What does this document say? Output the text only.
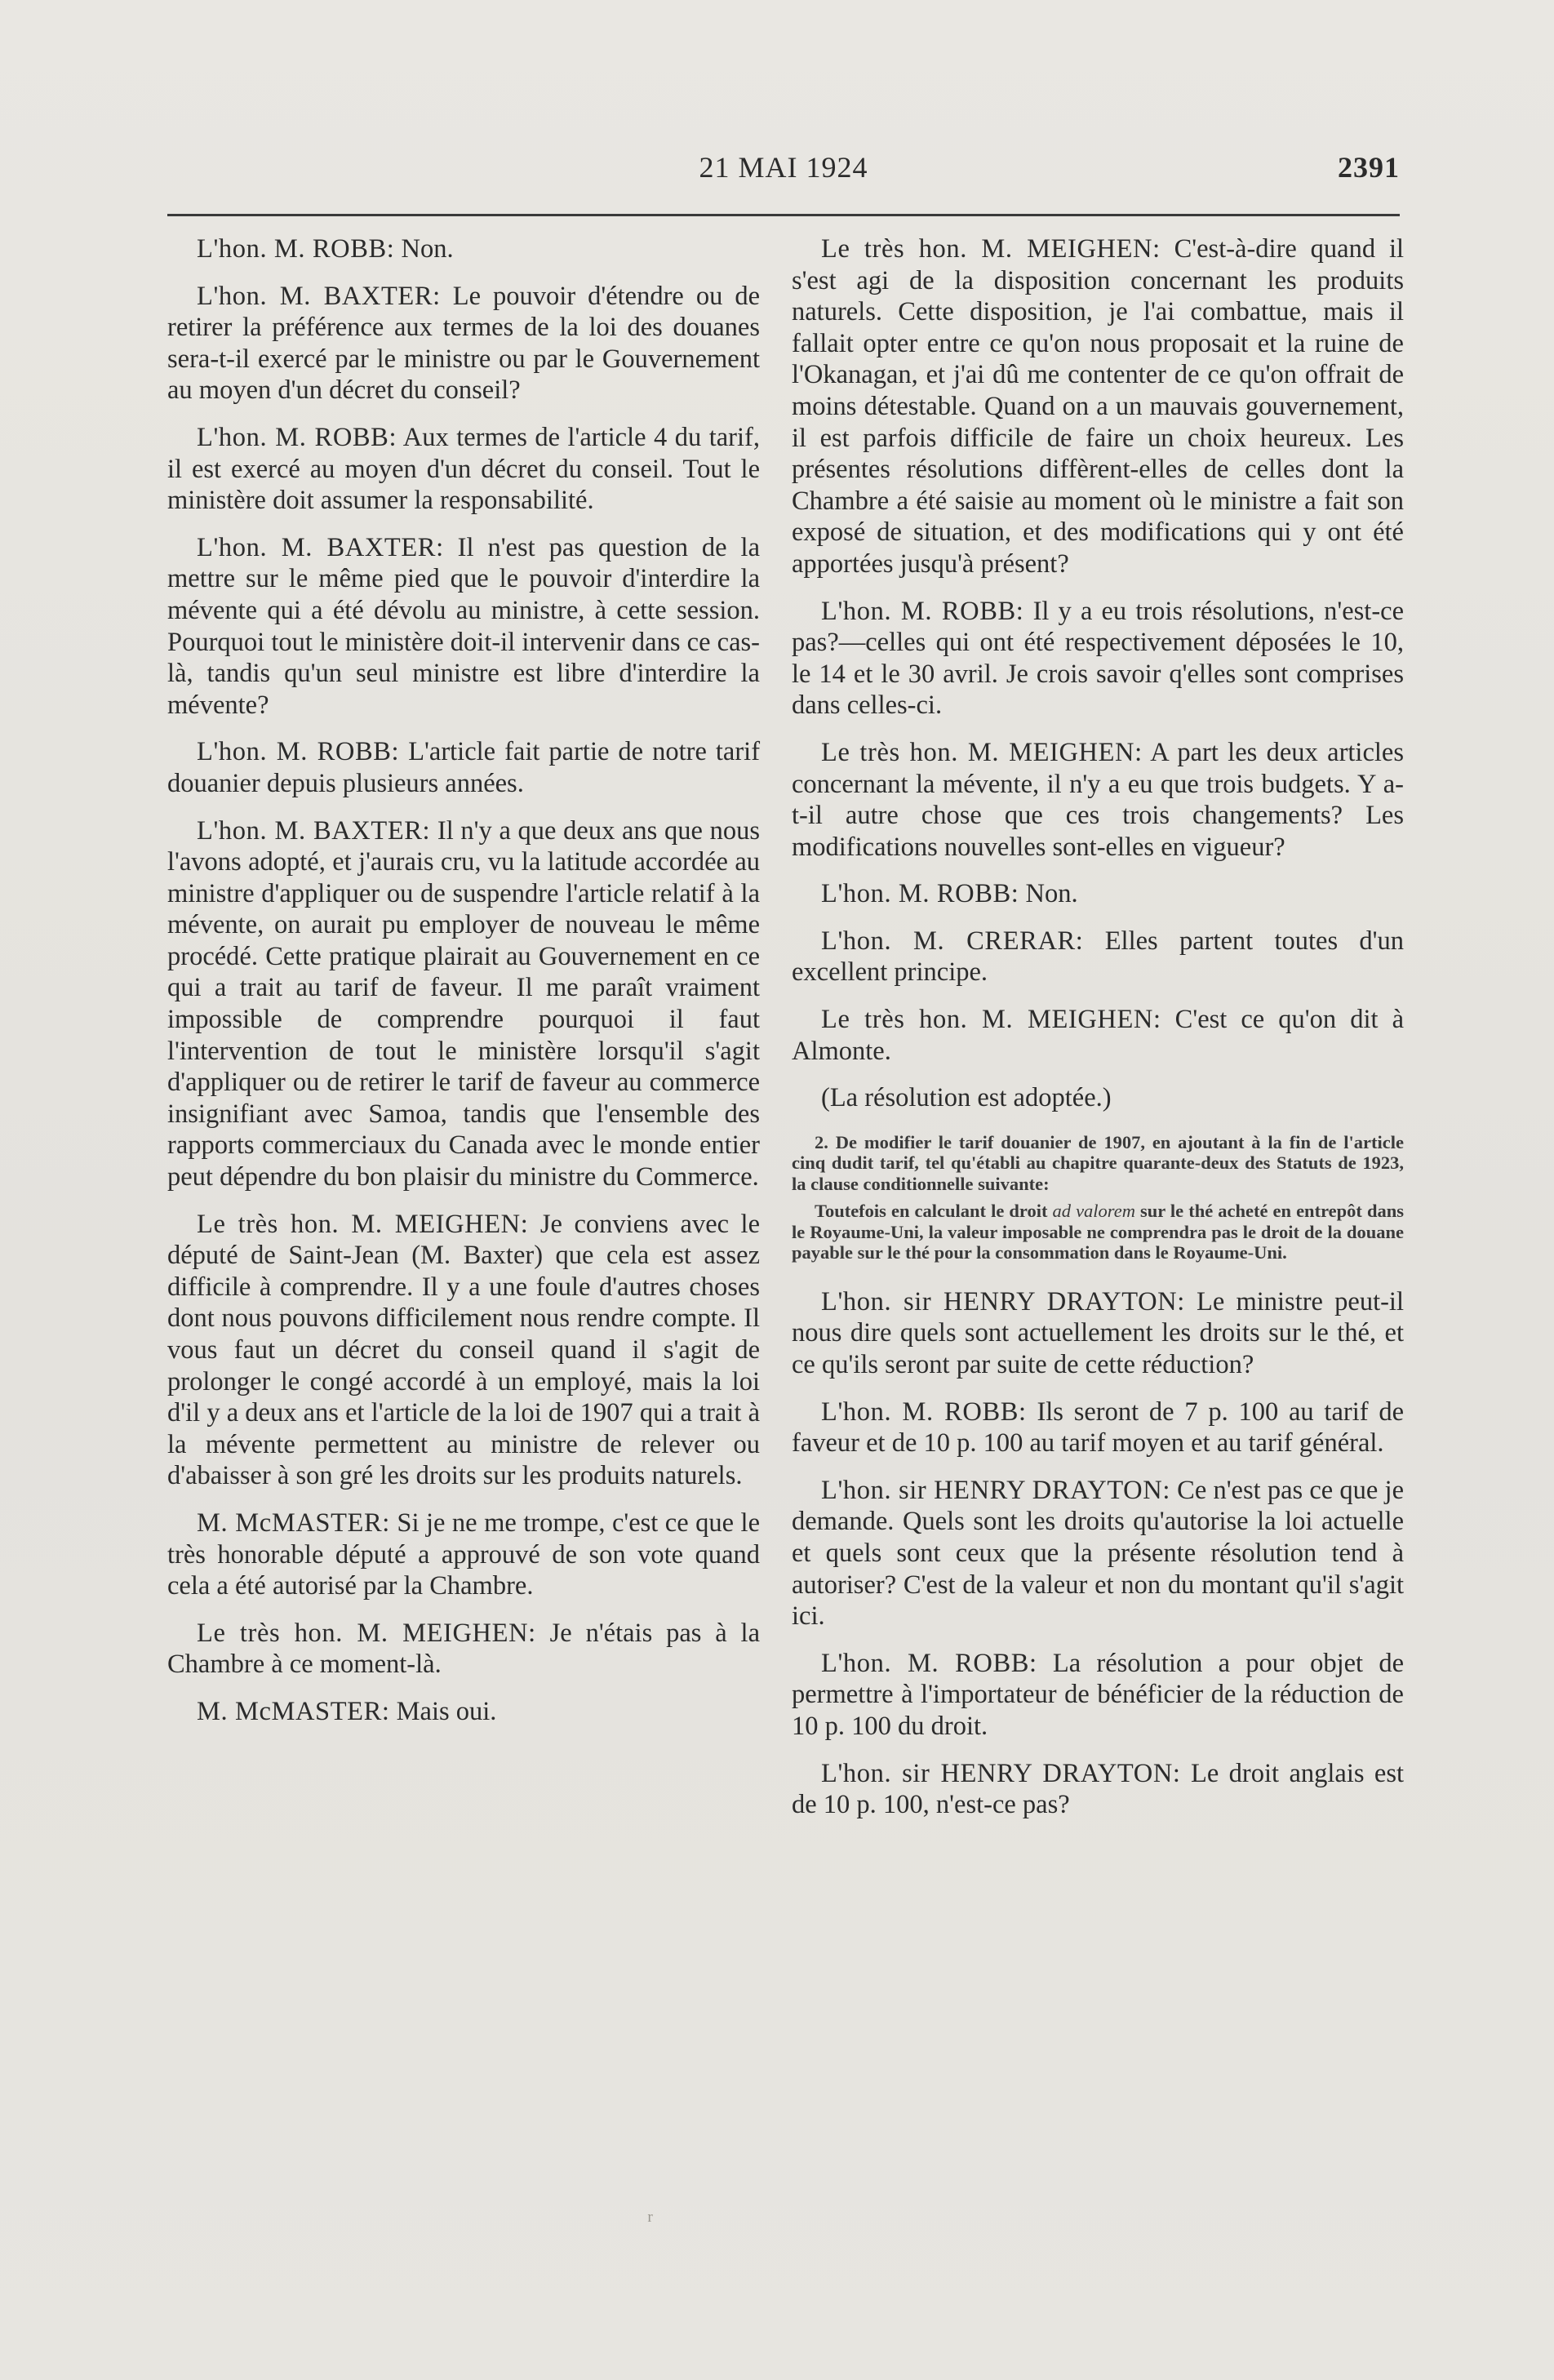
21 MAI 1924	2391

L'hon. M. ROBB: Non.

L'hon. M. BAXTER: Le pouvoir d'étendre ou de retirer la préférence aux termes de la loi des douanes sera-t-il exercé par le ministre ou par le Gouvernement au moyen d'un décret du conseil?

L'hon. M. ROBB: Aux termes de l'article 4 du tarif, il est exercé au moyen d'un décret du conseil. Tout le ministère doit assumer la responsabilité.

L'hon. M. BAXTER: Il n'est pas question de la mettre sur le même pied que le pouvoir d'interdire la mévente qui a été dévolu au ministre, à cette session. Pourquoi tout le ministère doit-il intervenir dans ce cas-là, tandis qu'un seul ministre est libre d'interdire la mévente?

L'hon. M. ROBB: L'article fait partie de notre tarif douanier depuis plusieurs années.

L'hon. M. BAXTER: Il n'y a que deux ans que nous l'avons adopté, et j'aurais cru, vu la latitude accordée au ministre d'appliquer ou de suspendre l'article relatif à la mévente, on aurait pu employer de nouveau le même procédé. Cette pratique plairait au Gouvernement en ce qui a trait au tarif de faveur. Il me paraît vraiment impossible de comprendre pourquoi il faut l'intervention de tout le ministère lorsqu'il s'agit d'appliquer ou de retirer le tarif de faveur au commerce insignifiant avec Samoa, tandis que l'ensemble des rapports commerciaux du Canada avec le monde entier peut dépendre du bon plaisir du ministre du Commerce.

Le très hon. M. MEIGHEN: Je conviens avec le député de Saint-Jean (M. Baxter) que cela est assez difficile à comprendre. Il y a une foule d'autres choses dont nous pouvons difficilement nous rendre compte. Il vous faut un décret du conseil quand il s'agit de prolonger le congé accordé à un employé, mais la loi d'il y a deux ans et l'article de la loi de 1907 qui a trait à la mévente permettent au ministre de relever ou d'abaisser à son gré les droits sur les produits naturels.

M. McMASTER: Si je ne me trompe, c'est ce que le très honorable député a approuvé de son vote quand cela a été autorisé par la Chambre.

Le très hon. M. MEIGHEN: Je n'étais pas à la Chambre à ce moment-là.

M. McMASTER: Mais oui.

Le très hon. M. MEIGHEN: C'est-à-dire quand il s'est agi de la disposition concernant les produits naturels. Cette disposition, je l'ai combattue, mais il fallait opter entre ce qu'on nous proposait et la ruine de l'Okanagan, et j'ai dû me contenter de ce qu'on offrait de moins détestable. Quand on a un mauvais gouvernement, il est parfois difficile de faire un choix heureux. Les présentes résolutions diffèrent-elles de celles dont la Chambre a été saisie au moment où le ministre a fait son exposé de situation, et des modifications qui y ont été apportées jusqu'à présent?

L'hon. M. ROBB: Il y a eu trois résolutions, n'est-ce pas?—celles qui ont été respectivement déposées le 10, le 14 et le 30 avril. Je crois savoir q'elles sont comprises dans celles-ci.

Le très hon. M. MEIGHEN: A part les deux articles concernant la mévente, il n'y a eu que trois budgets. Y a-t-il autre chose que ces trois changements? Les modifications nouvelles sont-elles en vigueur?

L'hon. M. ROBB: Non.

L'hon. M. CRERAR: Elles partent toutes d'un excellent principe.

Le très hon. M. MEIGHEN: C'est ce qu'on dit à Almonte.

(La résolution est adoptée.)

2. De modifier le tarif douanier de 1907, en ajoutant à la fin de l'article cinq dudit tarif, tel qu'établi au chapitre quarante-deux des Statuts de 1923, la clause conditionnelle suivante:

Toutefois en calculant le droit ad valorem sur le thé acheté en entrepôt dans le Royaume-Uni, la valeur imposable ne comprendra pas le droit de la douane payable sur le thé pour la consommation dans le Royaume-Uni.

L'hon. sir HENRY DRAYTON: Le ministre peut-il nous dire quels sont actuellement les droits sur le thé, et ce qu'ils seront par suite de cette réduction?

L'hon. M. ROBB: Ils seront de 7 p. 100 au tarif de faveur et de 10 p. 100 au tarif moyen et au tarif général.

L'hon. sir HENRY DRAYTON: Ce n'est pas ce que je demande. Quels sont les droits qu'autorise la loi actuelle et quels sont ceux que la présente résolution tend à autoriser? C'est de la valeur et non du montant qu'il s'agit ici.

L'hon. M. ROBB: La résolution a pour objet de permettre à l'importateur de bénéficier de la réduction de 10 p. 100 du droit.

L'hon. sir HENRY DRAYTON: Le droit anglais est de 10 p. 100, n'est-ce pas?

ʳ
